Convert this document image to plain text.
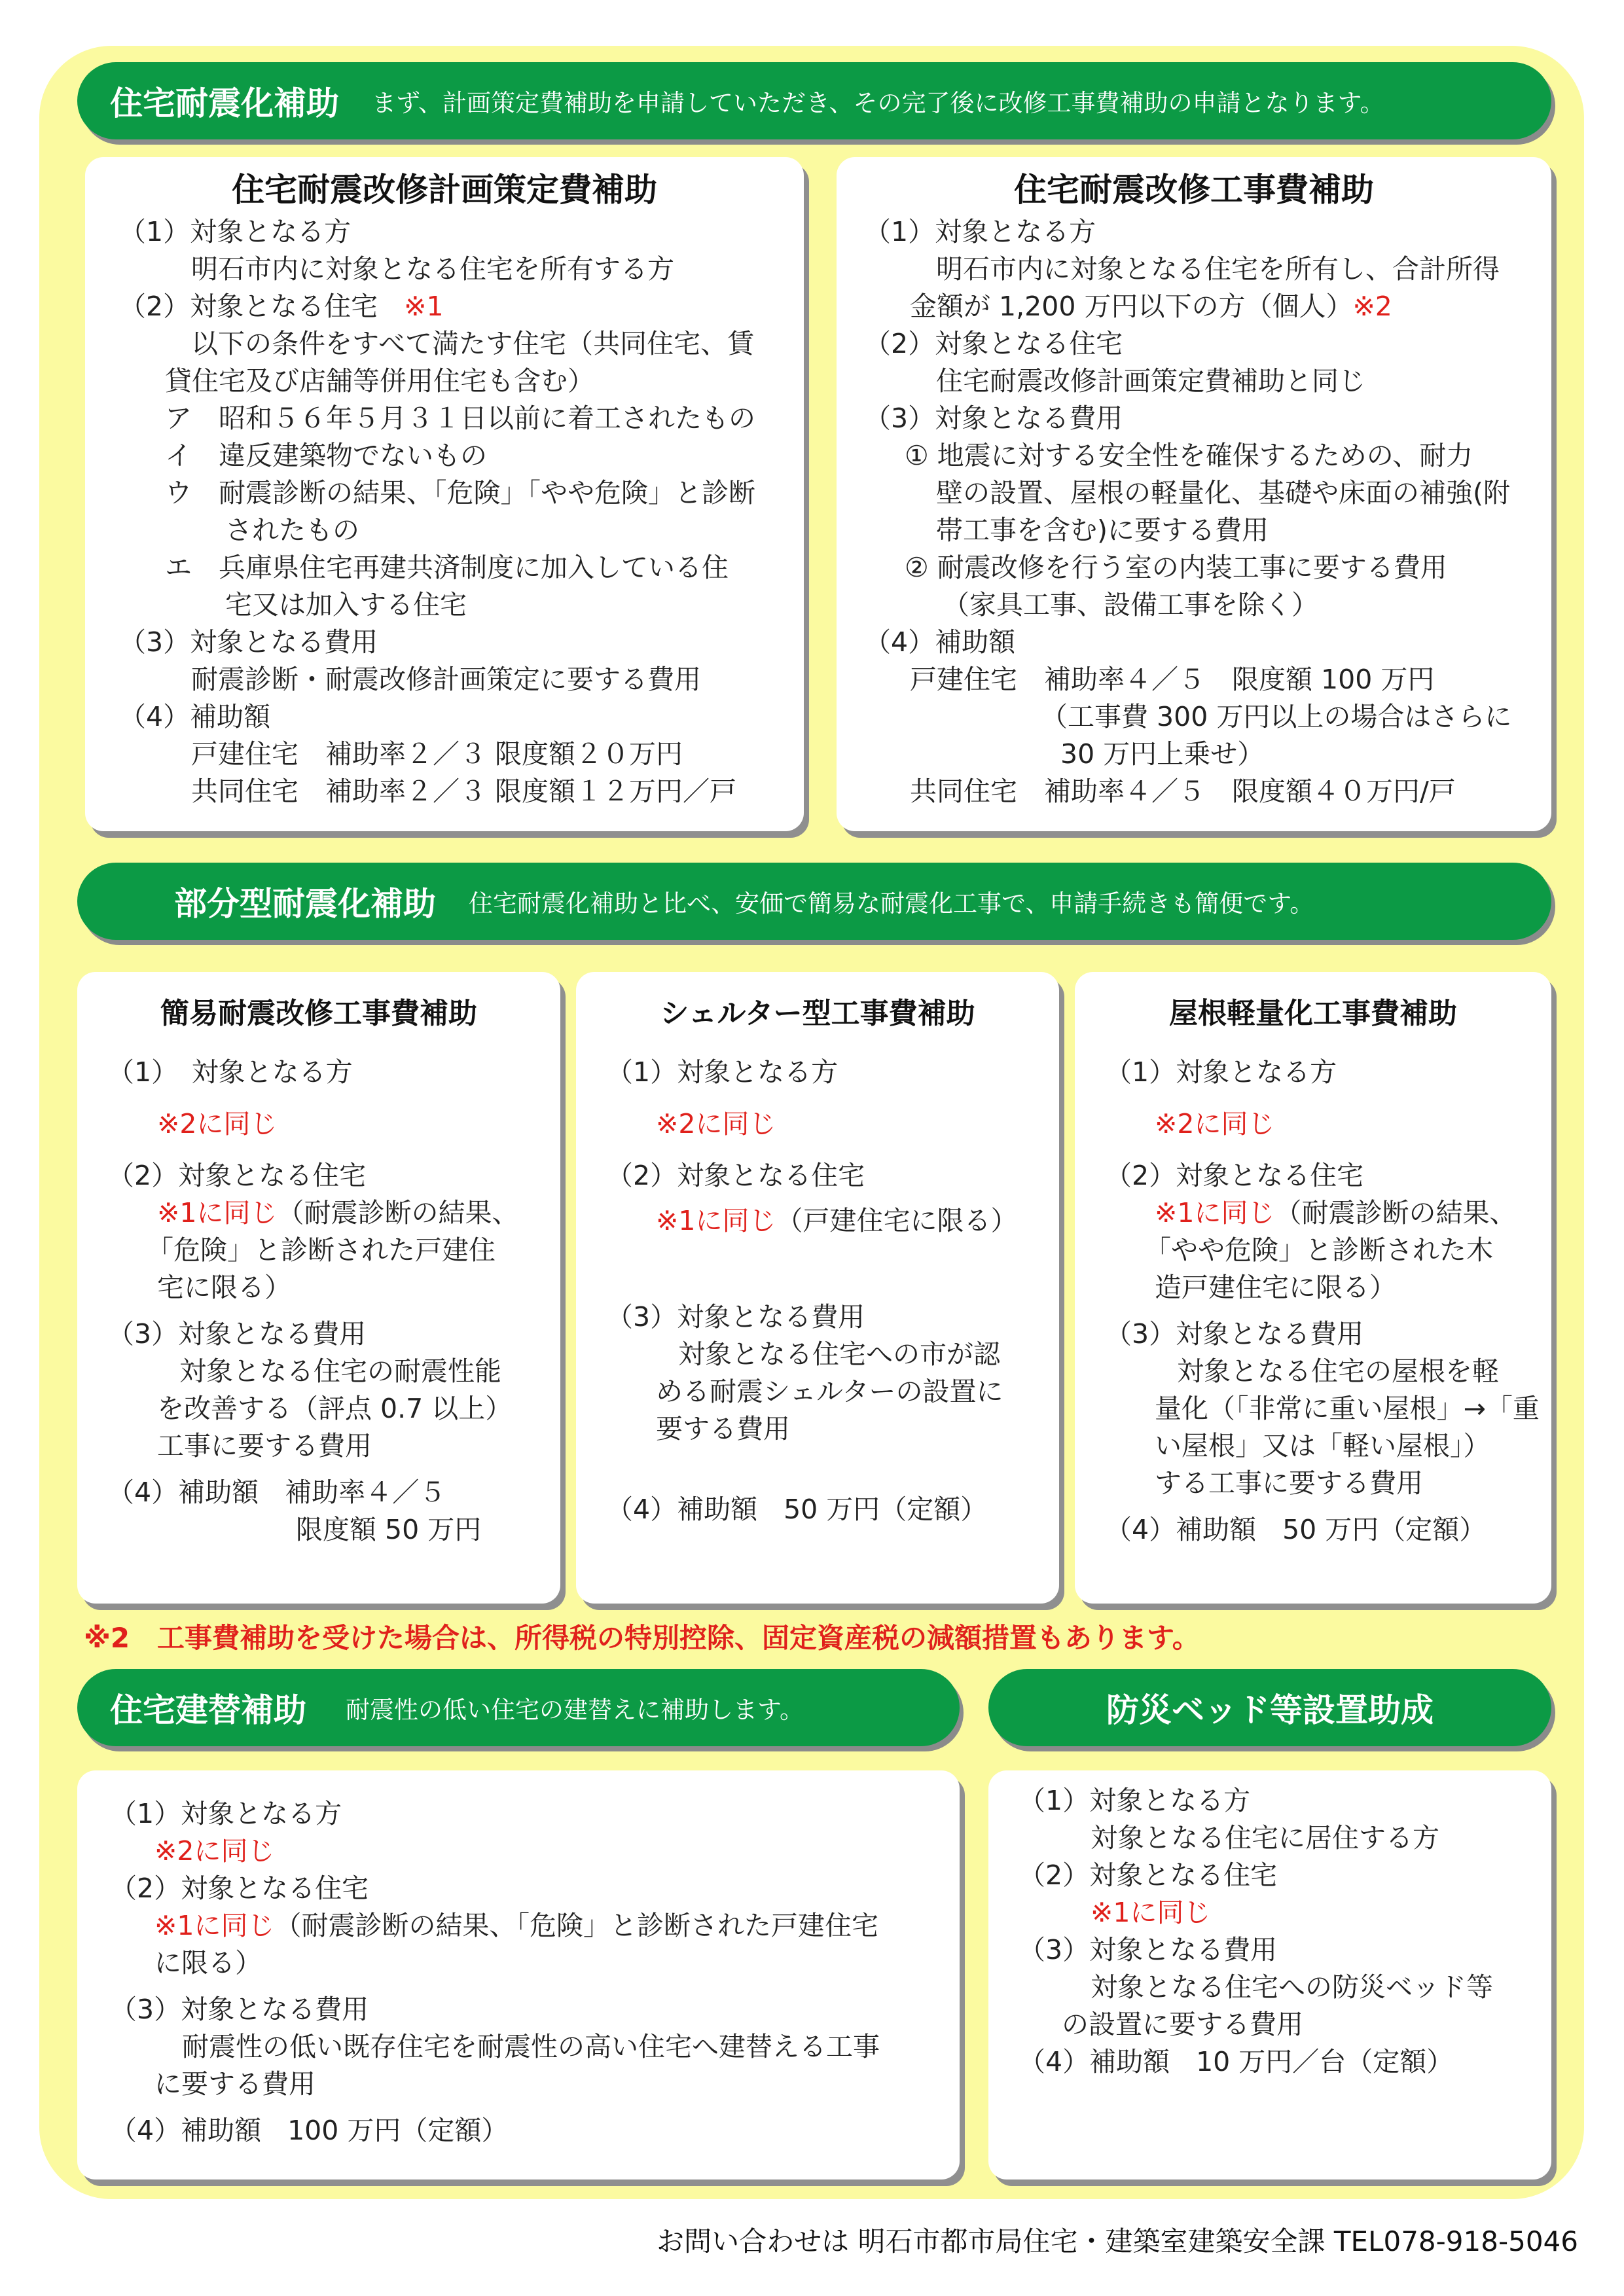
住宅耐震化補助 まず、計画策定費補助を申請していただき、その完了後に改修工事費補助の申請となります。
住宅耐震改修計画策定費補助
（1）対象となる方
明石市内に対象となる住宅を所有する方
（2）対象となる住宅 ※1
以下の条件をすべて満たす住宅（共同住宅、賃
貸住宅及び店舗等併用住宅も含む）
ア　昭和５６年５月３１日以前に着工されたもの
イ　違反建築物でないもの
ウ　耐震診断の結果、「危険」「やや危険」と診断
されたもの
エ　兵庫県住宅再建共済制度に加入している住
宅又は加入する住宅
（3）対象となる費用
耐震診断・耐震改修計画策定に要する費用
（4）補助額
戸建住宅　補助率２／３ 限度額２０万円
共同住宅　補助率２／３ 限度額１２万円／戸
住宅耐震改修工事費補助
（1）対象となる方
明石市内に対象となる住宅を所有し、合計所得
金額が 1,200 万円以下の方（個人）※2
（2）対象となる住宅
住宅耐震改修計画策定費補助と同じ
（3）対象となる費用
① 地震に対する安全性を確保するための、耐力
壁の設置、屋根の軽量化、基礎や床面の補強(附
帯工事を含む)に要する費用
② 耐震改修を行う室の内装工事に要する費用
（家具工事、設備工事を除く）
（4）補助額
戸建住宅　補助率４／５　限度額 100 万円
（工事費 300 万円以上の場合はさらに
30 万円上乗せ）
共同住宅　補助率４／５　限度額４０万円/戸
部分型耐震化補助 住宅耐震化補助と比べ、安価で簡易な耐震化工事で、申請手続きも簡便です。
簡易耐震改修工事費補助
（1）　対象となる方
※2に同じ
（2）対象となる住宅
※1に同じ（耐震診断の結果、
「危険」と診断された戸建住
宅に限る）
（3）対象となる費用
対象となる住宅の耐震性能
を改善する（評点 0.7 以上）
工事に要する費用
（4）補助額 補助率４／５
限度額 50 万円
シェルター型工事費補助
（1）対象となる方
※2に同じ
（2）対象となる住宅
※1に同じ（戸建住宅に限る）
（3）対象となる費用
対象となる住宅への市が認
める耐震シェルターの設置に
要する費用
（4）補助額 50 万円（定額）
屋根軽量化工事費補助
（1）対象となる方
※2に同じ
（2）対象となる住宅
※1に同じ（耐震診断の結果、
「やや危険」と診断された木
造戸建住宅に限る）
（3）対象となる費用
対象となる住宅の屋根を軽
量化（「非常に重い屋根」→「重
い屋根」又は「軽い屋根」）
する工事に要する費用
（4）補助額 50 万円（定額）
※2　工事費補助を受けた場合は、所得税の特別控除、固定資産税の減額措置もあります。
住宅建替補助 耐震性の低い住宅の建替えに補助します。	防災ベッド等設置助成
（1）対象となる方
※2に同じ
（2）対象となる住宅
※1に同じ（耐震診断の結果、「危険」と診断された戸建住宅
に限る）
（3）対象となる費用
耐震性の低い既存住宅を耐震性の高い住宅へ建替える工事
に要する費用
（4）補助額 100 万円（定額）
（1）対象となる方
対象となる住宅に居住する方
（2）対象となる住宅
※1に同じ
（3）対象となる費用
対象となる住宅への防災ベッド等
の設置に要する費用
（4）補助額 10 万円／台（定額）
お問い合わせは 明石市都市局住宅・建築室建築安全課 TEL078-918-5046
